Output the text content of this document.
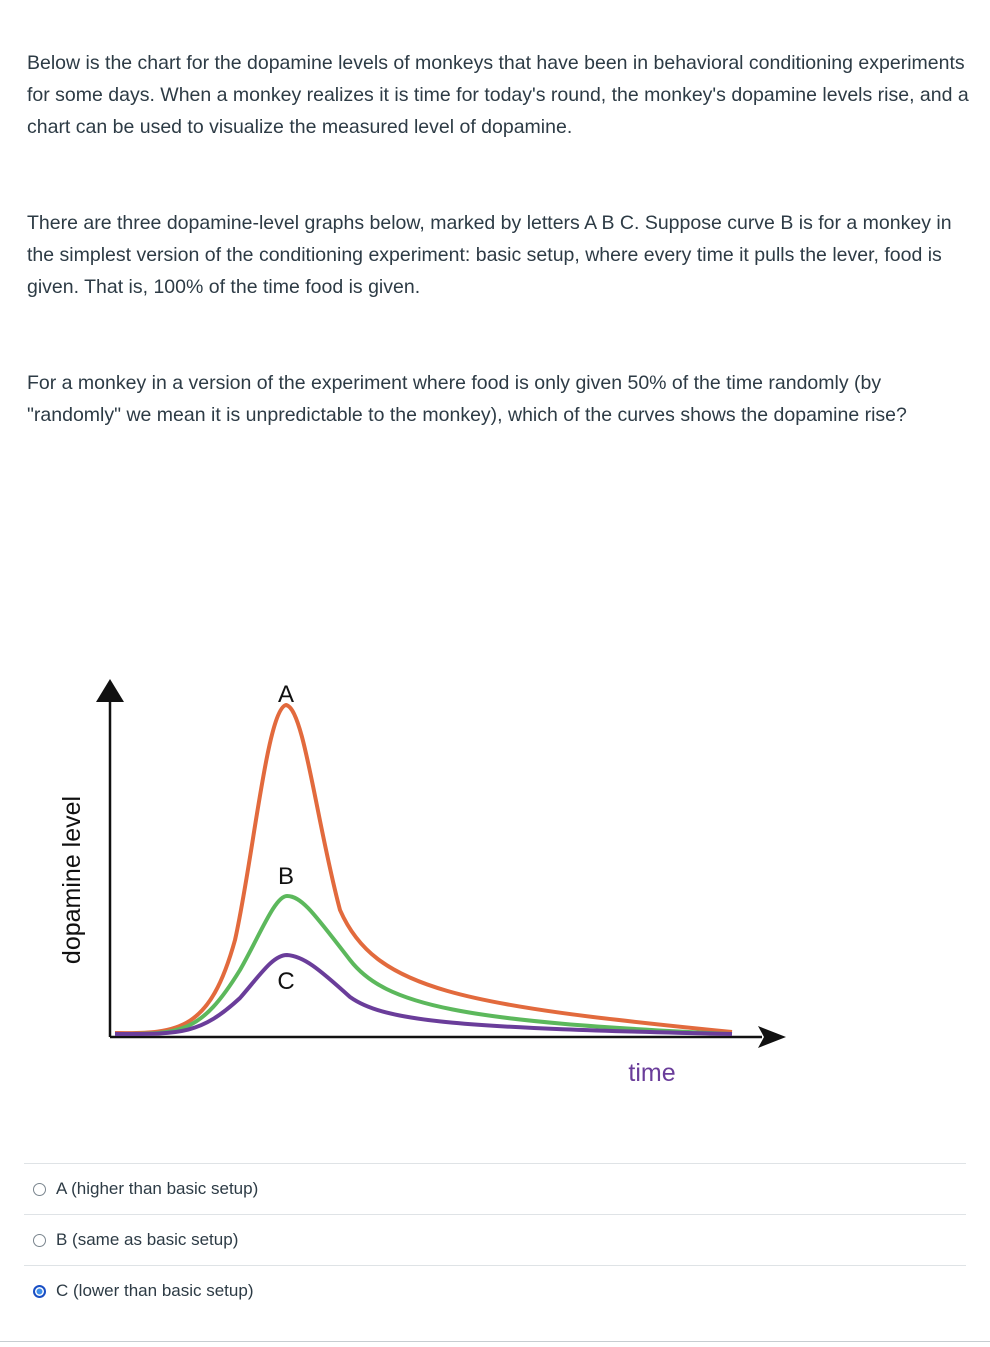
Below is the chart for the dopamine levels of monkeys that have been in behavioral conditioning experiments for some days. When a monkey realizes it is time for today's round, the monkey's dopamine levels rise, and a chart can be used to visualize the measured level of dopamine.

There are three dopamine-level graphs below, marked by letters A B C. Suppose curve B is for a monkey in the simplest version of the conditioning experiment: basic setup, where every time it pulls the lever, food is given. That is, 100% of the time food is given.

For a monkey in a version of the experiment where food is only given 50% of the time randomly (by "randomly" we mean it is unpredictable to the monkey), which of the curves shows the dopamine rise?

dopamine level
A
B
C
time
A (higher than basic setup)
B (same as basic setup)
C (lower than basic setup)
